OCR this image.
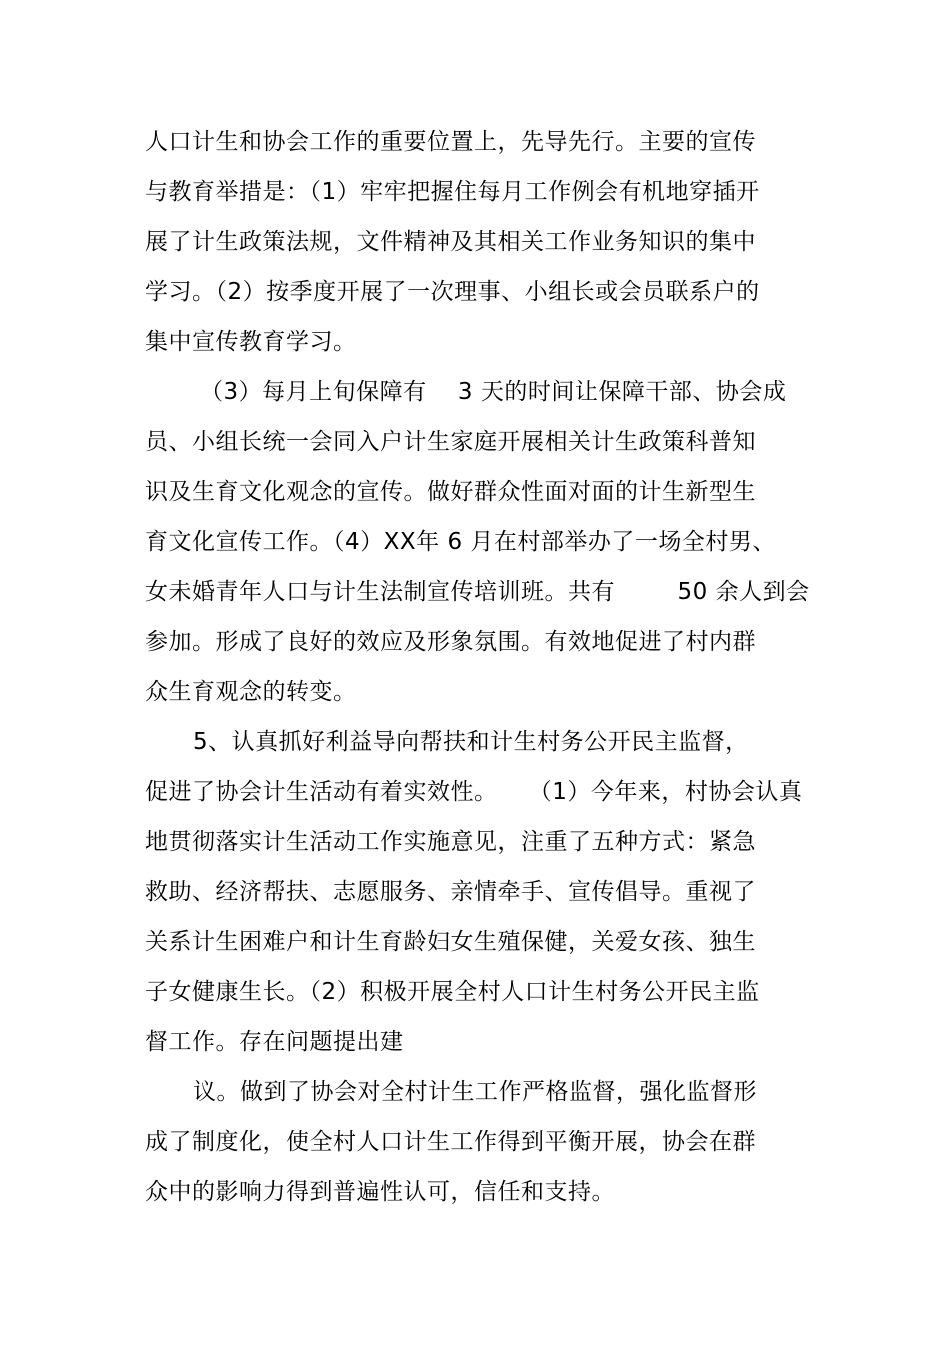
人口计生和协会工作的重要位置上，先导先行。主要的宣传
与教育举措是：（1）牢牢把握住每月工作例会有机地穿插开
展了计生政策法规，文件精神及其相关工作业务知识的集中
学习。（2）按季度开展了一次理事、小组长或会员联系户的
集中宣传教育学习。
（3）每月上旬保障有    3 天的时间让保障干部、协会成
员、小组长统一会同入户计生家庭开展相关计生政策科普知
识及生育文化观念的宣传。做好群众性面对面的计生新型生
育文化宣传工作。（4）XX年 6 月在村部举办了一场全村男、
女未婚青年人口与计生法制宣传培训班。共有        50 余人到会
参加。形成了良好的效应及形象氛围。有效地促进了村内群
众生育观念的转变。
5、认真抓好利益导向帮扶和计生村务公开民主监督，
促进了协会计生活动有着实效性。    （1）今年来，村协会认真
地贯彻落实计生活动工作实施意见，注重了五种方式：紧急
救助、经济帮扶、志愿服务、亲情牵手、宣传倡导。重视了
关系计生困难户和计生育龄妇女生殖保健，关爱女孩、独生
子女健康生长。（2）积极开展全村人口计生村务公开民主监
督工作。存在问题提出建
议。做到了协会对全村计生工作严格监督，强化监督形
成了制度化，使全村人口计生工作得到平衡开展，协会在群
众中的影响力得到普遍性认可，信任和支持。
